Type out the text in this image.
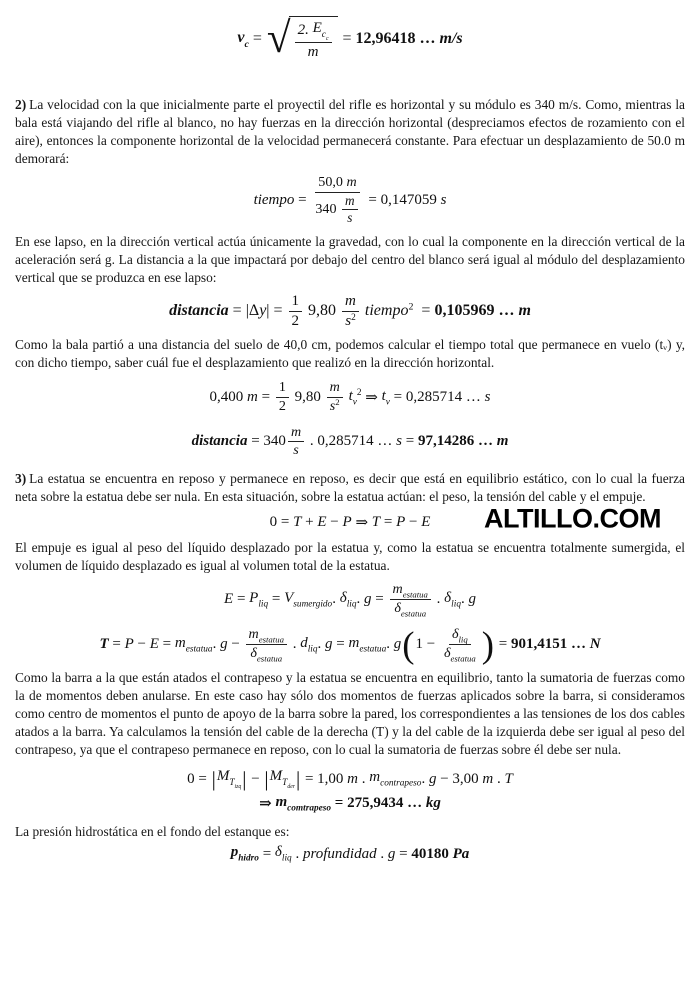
$v_c$ = √ $\frac{2. E_{c_c}}{m} = 12,96418$ … m/s

2) La velocidad con la que inicialmente parte el proyectil del rifle es horizontal y su módulo es 340 m/s. Como, mientras la bala está viajando del rifle al blanco, no hay fuerzas en la dirección horizontal (despreciamos efectos de rozamiento con el aire), entonces la componente horizontal de la velocidad permanecerá constante. Para efectuar un desplazamiento de 50.0 m demorará:

tiempo = $\frac{50,0 m}{340 \frac{m}{s}} = 0,147059$ s

En ese lapso, en la dirección vertical actúa únicamente la gravedad, con lo cual la componente en la dirección vertical de la aceleración será g. La distancia a la que impactará por debajo del centro del blanco será igual al módulo del desplazamiento vertical que se produzca en ese lapso:

distancia = |Δ y | = $\frac{1}{2} 9,80 \frac{m}{s^2}$
tiempo$^2$ = 0,105969 … m

Como la bala partió a una distancia del suelo de 40,0 cm, podemos calcular el tiempo total que permanece en vuelo (tᵥ) y, con dicho tiempo, saber cuál fue el desplazamiento que realizó en la dirección horizontal.

0,400 $m = \frac{1}{2} 9,80 \frac{m}{s^2}$
$t_v^2$ ⇒ $t_v = 0,285714$ … s
distancia = $340 \frac{m}{s}$ . 0,285714 … s = 97,14286 … m

3) La estatua se encuentra en reposo y permanece en reposo, es decir que está en equilibrio estático, con lo cual la fuerza neta sobre la estatua debe ser nula. En esta situación, sobre la estatua actúan: el peso, la tensión del cable y el empuje.

0 = T + E − P ⇒ T = P − E ALTILLO.COM

El empuje es igual al peso del líquido desplazado por la estatua y, como la estatua se encuentra totalmente sumergida, el volumen de líquido desplazado es igual al volumen total de la estatua.

$E = P_{liq} = V_{sumergido}$ . $\delta_{liq}$ . $g = \frac{m_{estatua}}{\delta_{estatua}}$ . $\delta_{liq}$ . g
$T = P - E = m_{estatua}$ . $g - \frac{m_{estatua}}{\delta_{estatua}}$ . $d_{liq}$ . $g = m_{estatua}$ . g ( $1 - \frac{\delta_{liq}}{\delta_{estatua}}$ ) = 901,4151 … N

Como la barra a la que están atados el contrapeso y la estatua se encuentra en equilibrio, tanto la sumatoria de fuerzas como la de momentos deben anularse. En este caso hay sólo dos momentos de fuerzas aplicados sobre la barra, si consideramos como centro de momentos el punto de apoyo de la barra sobre la pared, los correspondientes a las tensiones de los dos cables atados a la barra. Ya calculamos la tensión del cable de la derecha (T) y la del cable de la izquierda debe ser igual al peso del contrapeso, ya que el contrapeso permanece en reposo, con lo cual la sumatoria de fuerzas sobre él debe ser nula.

0 = | $M_{T_{izq}}$ | − | $M_{T_{der}}$ | = 1,00 m . $m_{contrapeso}$ . g − 3,00 m . T
⇒ $m_{comtrapeso} = 275,9434$ … kg

La presión hidrostática en el fondo del estanque es:

$p_{hidro} = \delta_{liq}$ . profundidad . g = 40180 Pa
